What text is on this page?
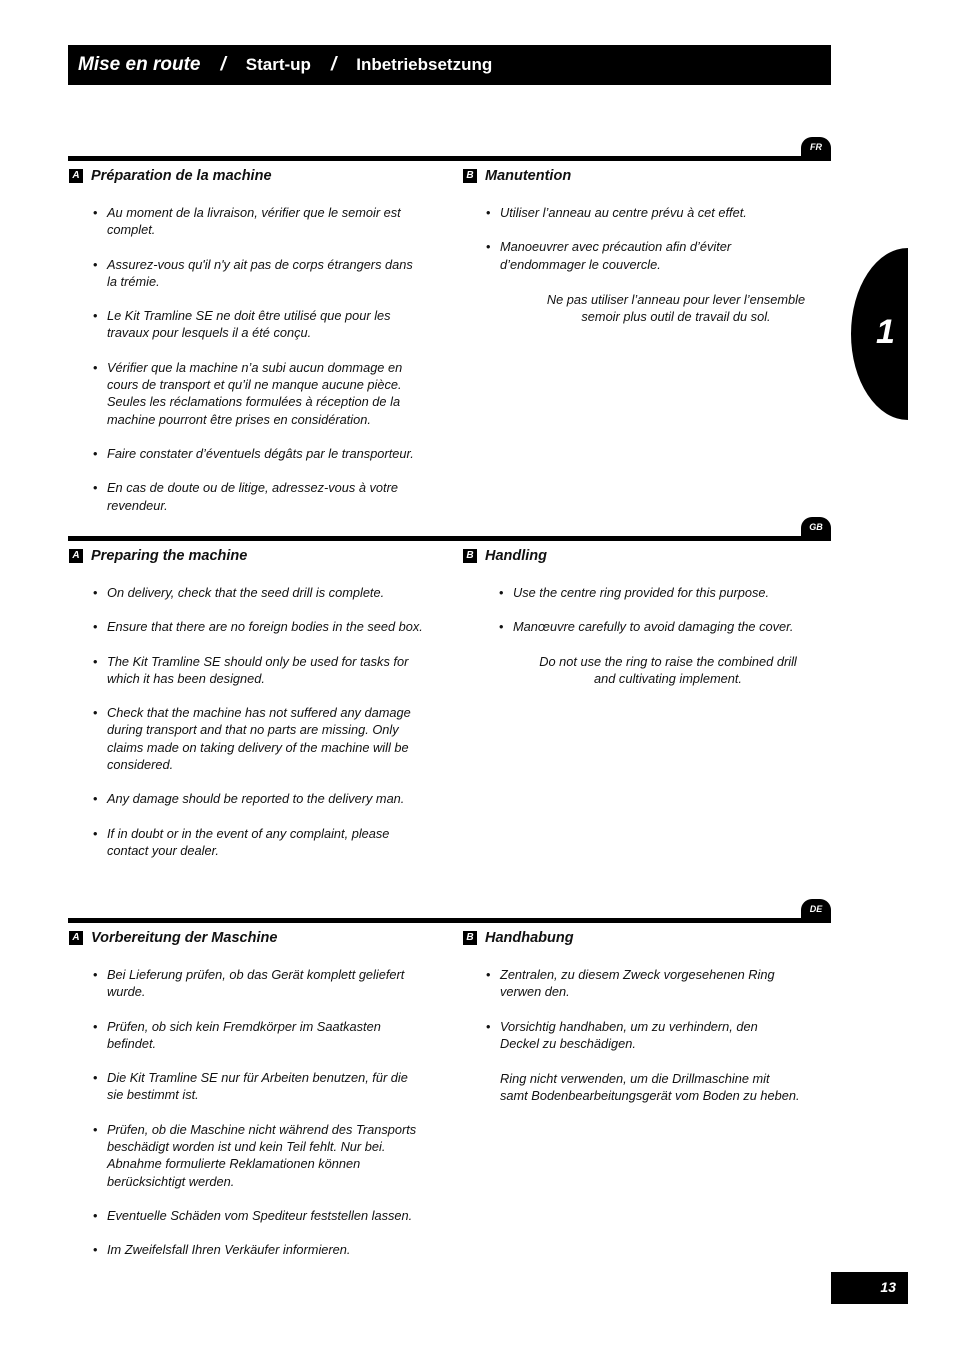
Mise en route / Start-up / Inbetriebsetzung
1
FR
A Préparation de la machine
• Au moment de la livraison, vérifier que le semoir est complet.
• Assurez-vous qu'il n'y ait pas de corps étrangers dans la trémie.
• Le Kit Tramline SE ne doit être utilisé que pour les travaux pour lesquels il a été conçu.
• Vérifier que la machine n’a subi aucun dommage en cours de transport et qu’il ne manque aucune pièce. Seules les réclamations formulées à réception de la machine pourront être prises en considération.
• Faire constater d’éventuels dégâts par le transporteur.
• En cas de doute ou de litige, adressez-vous à votre revendeur.
B Manutention
• Utiliser l’anneau au centre prévu à cet effet.
• Manoeuvrer avec précaution afin d’éviter d’endommager le couvercle.
Ne pas utiliser l’anneau pour lever l’ensemble semoir plus outil de travail du sol.
GB
A Preparing the machine
• On delivery, check that the seed drill is complete.
• Ensure that there are no foreign bodies in the seed box.
• The Kit Tramline SE should only be used for tasks for which it has been designed.
• Check that the machine has not suffered any damage during transport and that no parts are missing. Only claims made on taking delivery of the machine will be considered.
• Any damage should be reported to the delivery man.
• If in doubt or in the event of any complaint, please contact your dealer.
B Handling
• Use the centre ring provided for this purpose.
• Manœuvre carefully to avoid damaging the cover.
Do not use the ring to raise the combined drill and cultivating implement.
DE
A Vorbereitung der Maschine
• Bei Lieferung prüfen, ob das Gerät komplett geliefert wurde.
• Prüfen, ob sich kein Fremdkörper im Saatkasten befindet.
• Die Kit Tramline SE nur für Arbeiten benutzen, für die sie bestimmt ist.
• Prüfen, ob die Maschine nicht während des Transports beschädigt worden ist und kein Teil fehlt. Nur bei. Abnahme formulierte Reklamationen können berücksichtigt werden.
• Eventuelle Schäden vom Spediteur feststellen lassen.
• Im Zweifelsfall Ihren Verkäufer informieren.
B Handhabung
• Zentralen, zu diesem Zweck vorgesehenen Ring verwen den.
• Vorsichtig handhaben, um zu verhindern, den Deckel zu beschädigen.
Ring nicht verwenden, um die Drillmaschine mit samt Bodenbearbeitungsgerät vom Boden zu heben.
13
